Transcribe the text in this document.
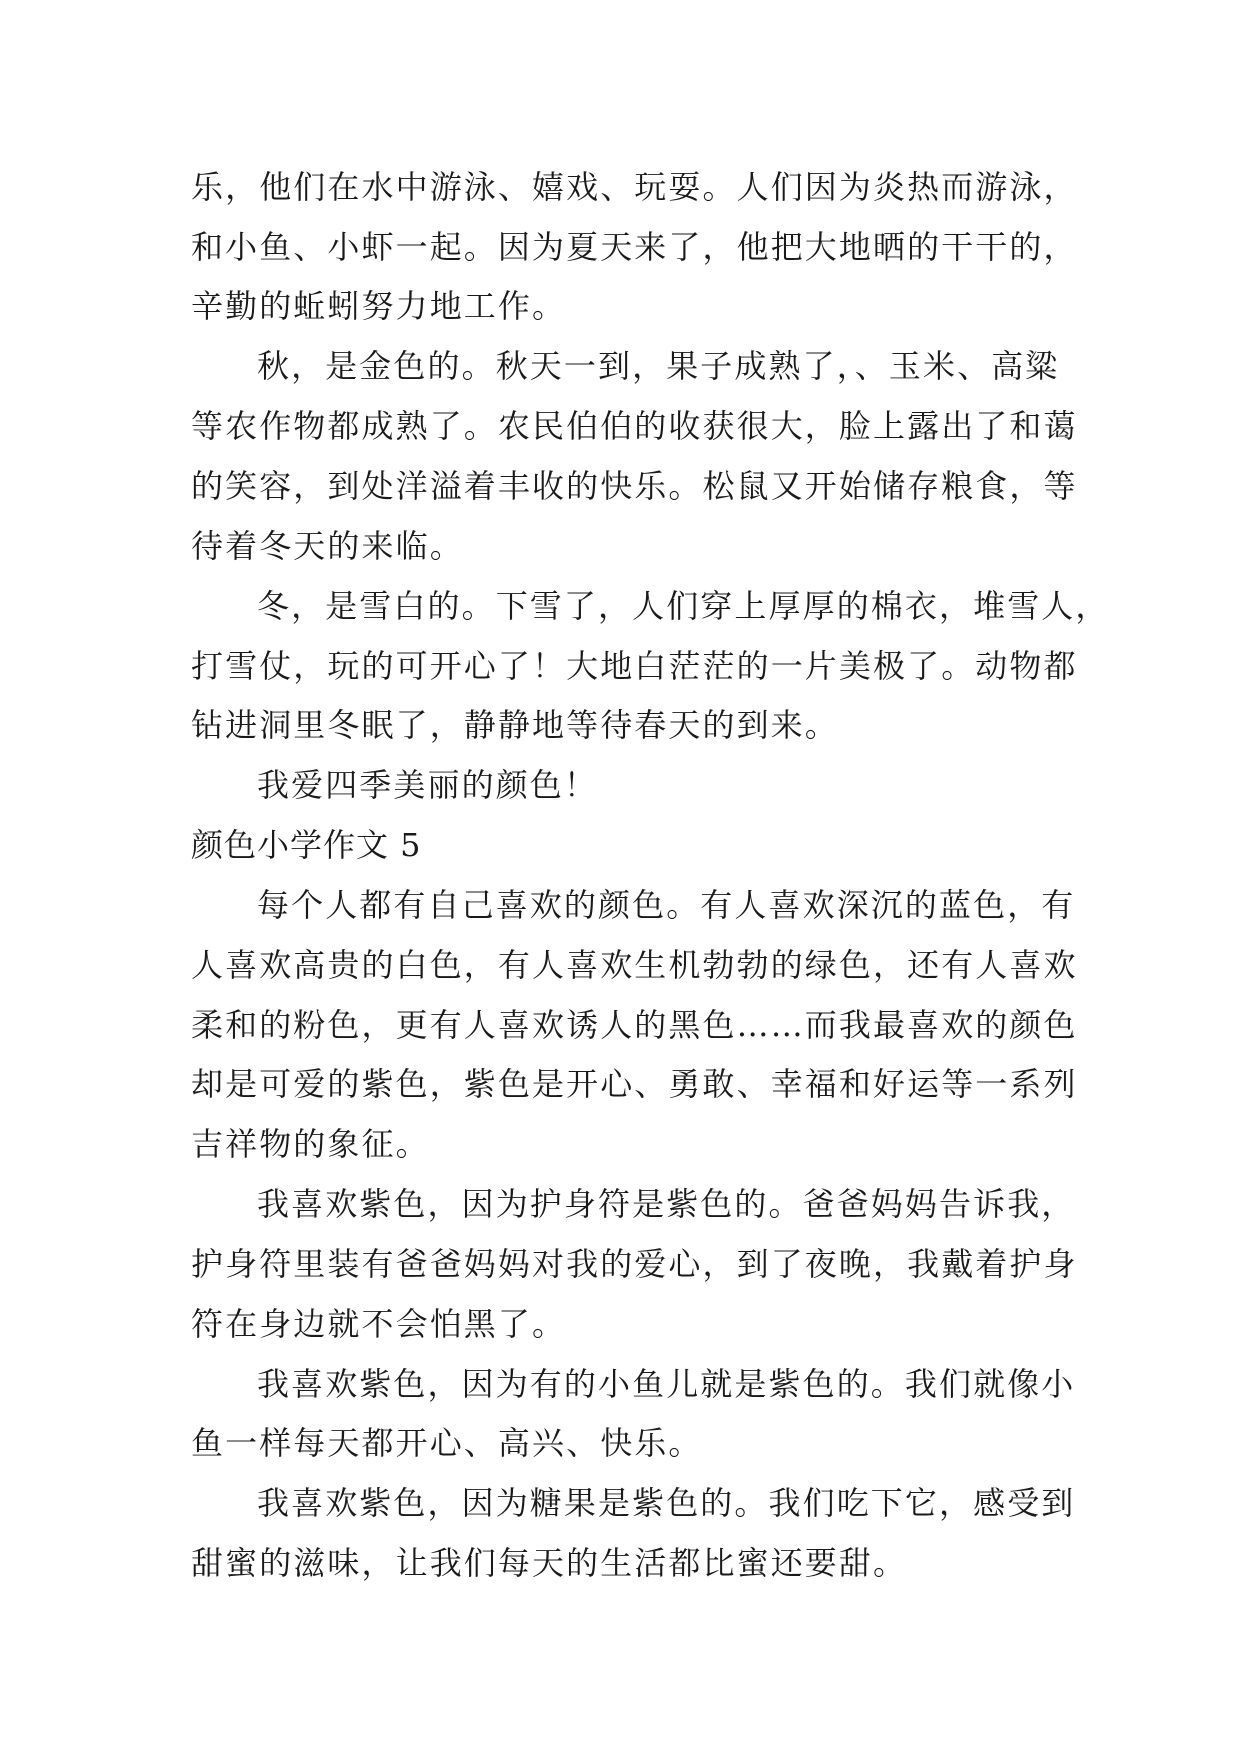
乐，他们在水中游泳、嬉戏、玩耍。人们因为炎热而游泳，
和小鱼、小虾一起。因为夏天来了，他把大地晒的干干的，
辛勤的蚯蚓努力地工作。
秋，是金色的。秋天一到，果子成熟了，、玉米、高粱
等农作物都成熟了。农民伯伯的收获很大，脸上露出了和蔼
的笑容，到处洋溢着丰收的快乐。松鼠又开始储存粮食，等
待着冬天的来临。
冬，是雪白的。下雪了，人们穿上厚厚的棉衣，堆雪人，
打雪仗，玩的可开心了！大地白茫茫的一片美极了。动物都
钻进洞里冬眠了，静静地等待春天的到来。
我爱四季美丽的颜色！
颜色小学作文 5
每个人都有自己喜欢的颜色。有人喜欢深沉的蓝色，有
人喜欢高贵的白色，有人喜欢生机勃勃的绿色，还有人喜欢
柔和的粉色，更有人喜欢诱人的黑色……而我最喜欢的颜色
却是可爱的紫色，紫色是开心、勇敢、幸福和好运等一系列
吉祥物的象征。
我喜欢紫色，因为护身符是紫色的。爸爸妈妈告诉我，
护身符里装有爸爸妈妈对我的爱心，到了夜晚，我戴着护身
符在身边就不会怕黑了。
我喜欢紫色，因为有的小鱼儿就是紫色的。我们就像小
鱼一样每天都开心、高兴、快乐。
我喜欢紫色，因为糖果是紫色的。我们吃下它，感受到
甜蜜的滋味，让我们每天的生活都比蜜还要甜。
